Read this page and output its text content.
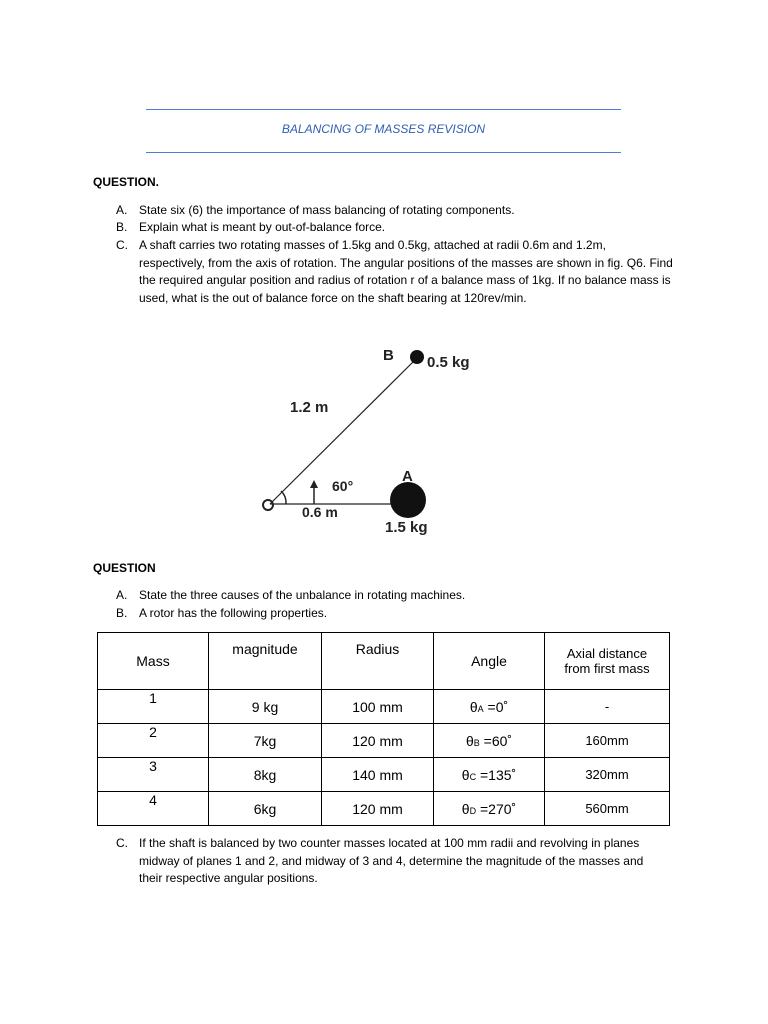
BALANCING OF MASSES REVISION
QUESTION.
A. State six (6) the importance of mass balancing of rotating components.
B. Explain what is meant by out-of-balance force.
C. A shaft carries two rotating masses of 1.5kg and 0.5kg, attached at radii 0.6m and 1.2m, respectively, from the axis of rotation. The angular positions of the masses are shown in fig. Q6. Find the required angular position and radius of rotation r of a balance mass of 1kg. If no balance mass is used, what is the out of balance force on the shaft bearing at 120rev/min.
B 0.5 kg
1.2 m
A
60°
0.6 m
1.5 kg
QUESTION
A. State the three causes of the unbalance in rotating machines.
B. A rotor has the following properties.
Mass	magnitude	Radius	Angle	Axial distance from first mass
1	9 kg	100 mm	θA =0˚	-
2	7kg	120 mm	θB =60˚	160mm
3	8kg	140 mm	θC =135˚	320mm
4	6kg	120 mm	θD =270˚	560mm
C. If the shaft is balanced by two counter masses located at 100 mm radii and revolving in planes midway of planes 1 and 2, and midway of 3 and 4, determine the magnitude of the masses and their respective angular positions.
